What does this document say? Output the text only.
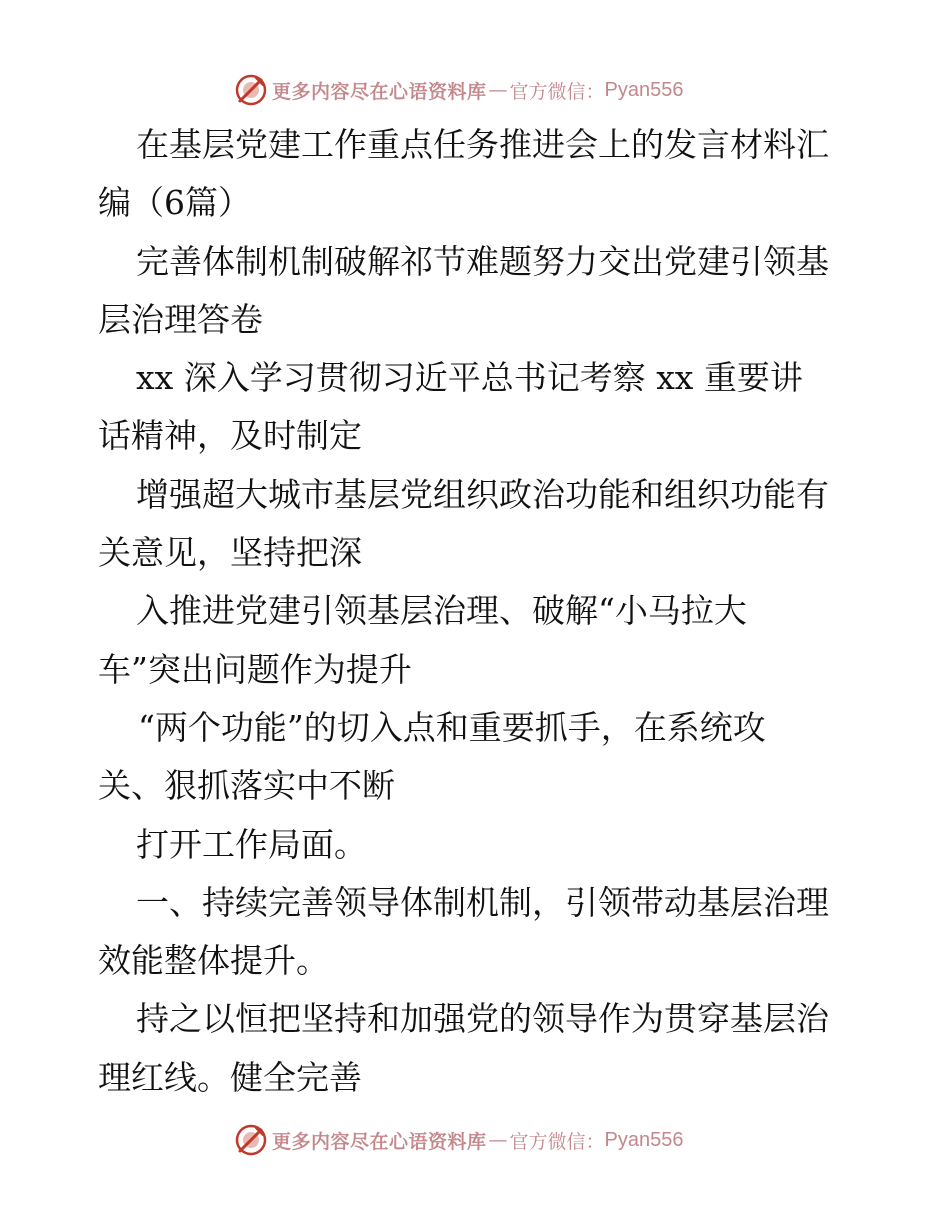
更多内容尽在心语资料库 — 官方微信： Pyan556
在基层党建工作重点任务推进会上的发言材料汇
编（6篇）
完善体制机制破解祁节难题努力交出党建引领基
层治理答卷
xx 深入学习贯彻习近平总书记考察 xx 重要讲
话精神，及时制定
增强超大城市基层党组织政治功能和组织功能有
关意见，坚持把深
入推进党建引领基层治理、破解“小马拉大
车”突出问题作为提升
“两个功能”的切入点和重要抓手，在系统攻
关、狠抓落实中不断
打开工作局面。
一、持续完善领导体制机制，引领带动基层治理
效能整体提升。
持之以恒把坚持和加强党的领导作为贯穿基层治
理红线。健全完善
更多内容尽在心语资料库 — 官方微信： Pyan556
